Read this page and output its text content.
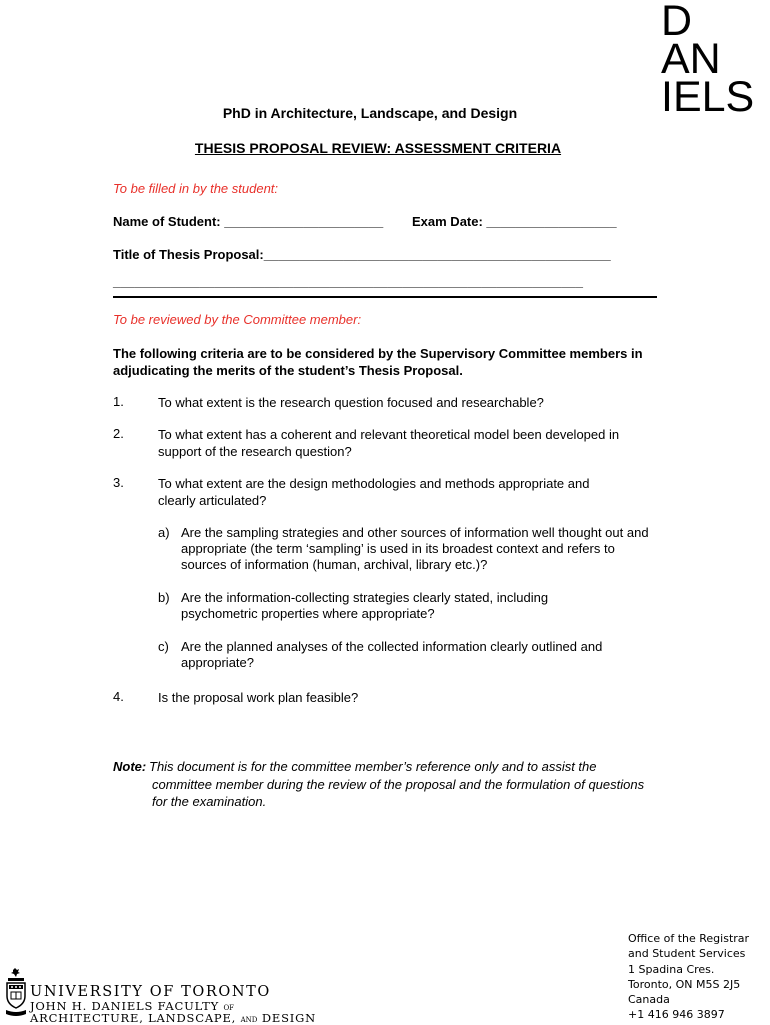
D
AN
IELS
PhD in Architecture, Landscape, and Design
THESIS PROPOSAL REVIEW: ASSESSMENT CRITERIA
To be filled in by the student:
Name of Student: ______________________ Exam Date: __________________
Title of Thesis Proposal:________________________________________________
_________________________________________________________________
To be reviewed by the Committee member:
The following criteria are to be considered by the Supervisory Committee members in adjudicating the merits of the student’s Thesis Proposal.
1.	To what extent is the research question focused and researchable?
2.	To what extent has a coherent and relevant theoretical model been developed in support of the research question?
3.	To what extent are the design methodologies and methods appropriate and clearly articulated?
a) Are the sampling strategies and other sources of information well thought out and appropriate (the term ‘sampling’ is used in its broadest context and refers to sources of information (human, archival, library etc.)?
b) Are the information-collecting strategies clearly stated, including psychometric properties where appropriate?
c) Are the planned analyses of the collected information clearly outlined and appropriate?
4.	Is the proposal work plan feasible?
Note: This document is for the committee member’s reference only and to assist the committee member during the review of the proposal and the formulation of questions for the examination.
Office of the Registrar
and Student Services
1 Spadina Cres.
Toronto, ON M5S 2J5
Canada
+1 416 946 3897
UNIVERSITY OF TORONTO
JOHN H. DANIELS FACULTY OF
ARCHITECTURE, LANDSCAPE, AND DESIGN
